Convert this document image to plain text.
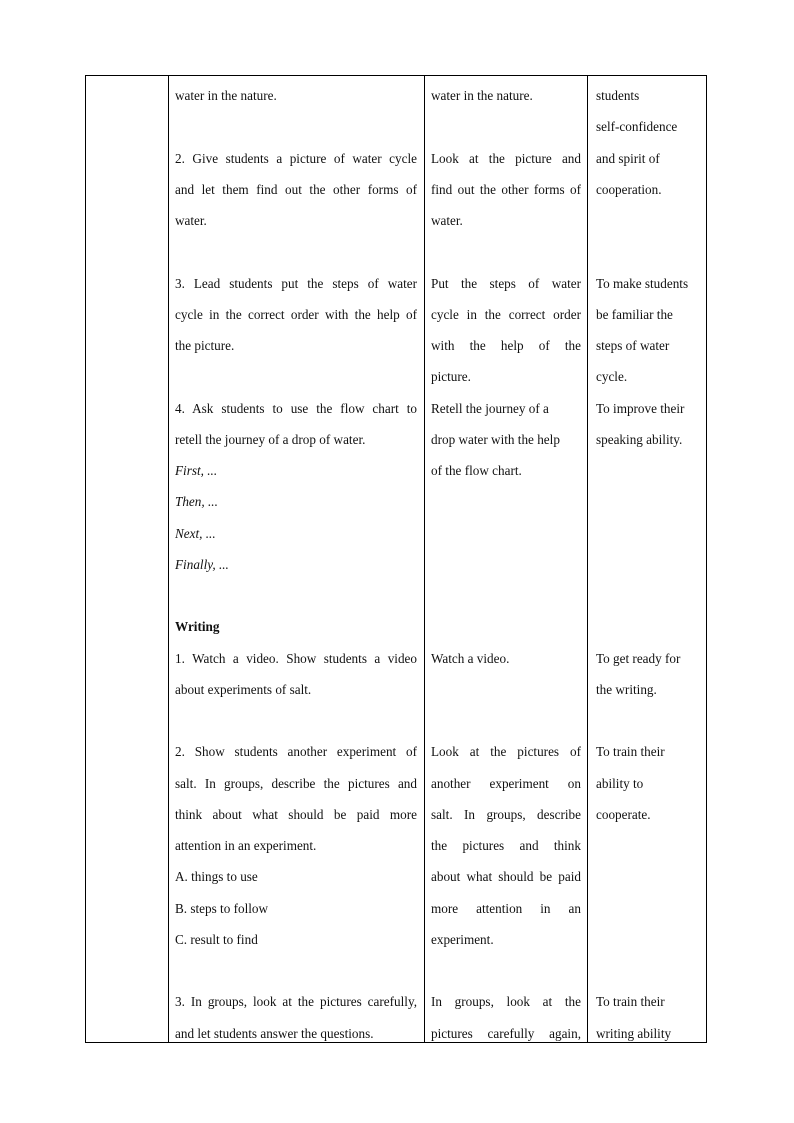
water in the nature.
2. Give students a picture of water cycle
and let them find out the other forms of
water.
3. Lead students put the steps of water
cycle in the correct order with the help of
the picture.
4. Ask students to use the flow chart to
retell the journey of a drop of water.
First, ...
Then, ...
Next, ...
Finally, ...
Writing
1. Watch a video. Show students a video
about experiments of salt.
2. Show students another experiment of
salt. In groups, describe the pictures and
think about what should be paid more
attention in an experiment.
A. things to use
B. steps to follow
C. result to find
3. In groups, look at the pictures carefully,
and let students answer the questions.
water in the nature.
Look at the picture and
find out the other forms of
water.
Put the steps of water
cycle in the correct order
with the help of the
picture.
Retell the journey of a
drop water with the help
of the flow chart.
Watch a video.
Look at the pictures of
another experiment on
salt. In groups, describe
the pictures and think
about what should be paid
more attention in an
experiment.
In groups, look at the
pictures carefully again,
students
self-confidence
and spirit of
cooperation.
To make students
be familiar the
steps of water
cycle.
To improve their
speaking ability.
To get ready for
the writing.
To train their
ability to
cooperate.
To train their
writing ability
